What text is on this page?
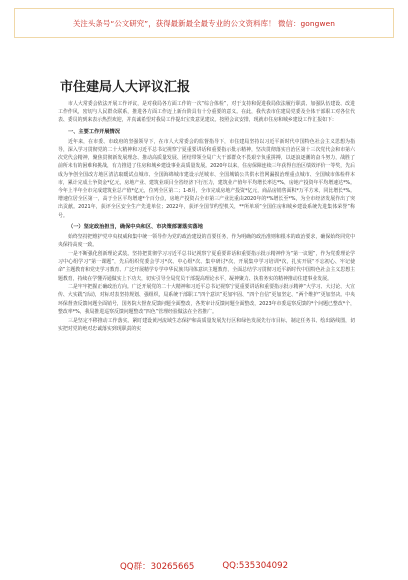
关注头条号“公文研究”，获得最新最全最专业的公文资料库！ 微信：gongwen
市住建局人大评议汇报

市人大常委会依法开展工作评议，是对我局各方面工作的一次“综合体检”，对于支持和促进我局依法履行职责、加强队伍建设、改进工作作风，密切与人民群众联系，推进各方面工作迈上新台阶具有十分重要的意义。在此，我代表市住建局党委及全体干部职工对各位代表、委员的到来表示热烈欢迎，并真诚希望对我局工作提出宝贵意见建议。按照会议安排，现就市住房和城乡建设工作汇报如下：

一、主要工作开展情况

近年来，在市委、市政府的坚强领导下，在市人大常委会的监督指导下，市住建局坚持以习近平新时代中国特色社会主义思想为指导，深入学习贯彻党的二十大精神和习近平总书记视察宁夏重要讲话和重要指示批示精神，坚决贯彻落实自治区第十三次党代会和市第六次党代会精神，聚焦贯彻新发展理念、推动高质量发展、团结带领全局广大干部群众不畏艰辛负重拼搏，以逐浪逐潮的奋斗努力，战胜了前所未有的困难和挑战，有力推进了住房和城乡建设事业高质量发展。2020年以来，住房保障连续三年获得自治区绩效评价一等奖，先后成为争创全国改方地区清洁取暖试点城市、全国海绵城市建设示范城市、全国城镇公共供水管网漏损治理重点城市、全国城市体检样本市，累计完成土争资金*亿元，房地产业、建筑业项目全省经济下行压力，建筑业产值年平均增长率达*%，房地产投资年平均增速达*%。今年上半年全市完成建筑业总产值*亿元，位列全区第二；1-8月，全市完成房地产投资*亿元，商品房销售面积*万平方米，同比增长*%。增速位居全区第一，高于全区平均增速*个百分点，房地产投资占全市第三产业比重由2020年的*%增长至*%，为全市经济发展作出了突出贡献。2021年，获评全区安全生产先进单位；2022年，获评全国节约型机关，**所单项“全国住房和城乡建设系统先进集体荣誉”称号。

（一）坚定政治担当，确保中央和区、市决策部署落实落地

始终坚持把维护党中央权威和集中统一领导作为党的政治建设的首要任务，作为明确的政治准则和根本的政治要求，确保始终同党中央保持高度一致。

一是不断强化创新理论武装。坚持把贯彻学习习近平总书记视察宁夏重要讲话和重要指示批示精神作为“第一议题”，作为党委理论学习中心组学习“第一课题”，先后组织党委会学习*次、中心组*次、集中研讨*次，开展集中学习培训*次，扎实开展“不忘初心、牢记使命”主题教育和党史学习教育、广泛开展精学专学中华民族共同体意识主题教育，全面总结学习贯彻习近平新时代中国特色社会主义思想主题教育，持续在学懂弄通做实上下功夫，切实引导全局党员干部提高理论水平，凝神聚力、执着务实的精神推动住建事业发展。

二是牢牢把握正确政治方向。广泛开展党的二十大精神和习近平总书记视察宁夏重要讲话和重要指示批示精神“大学习、大讨论、大宣传、大实践”活动，对标对表坚持规划、强组织，局系统干部职工“四个意识”更加牢固、“四个自信”更加坚定、“两个维护”更加坚决。中央环保督查反馈问题全面销号，国务院大督查反馈问题全面整改，各类审计反馈问题全面整改，2023年市委巡察反馈的*个问题已整改*个，整改率*%，我局推进巡察反馈问题整改“四色”管理经验做法在全省推广。

三是坚定不移推动工作落实。紧盯建设黄河流域生态保护和高质量发展先行区和绿色发展先行市目标，制定任务书、绘出路线图，切实把对党的绝对忠诚落实到现职责的实

QQ群：30265665	QQ:535304092
